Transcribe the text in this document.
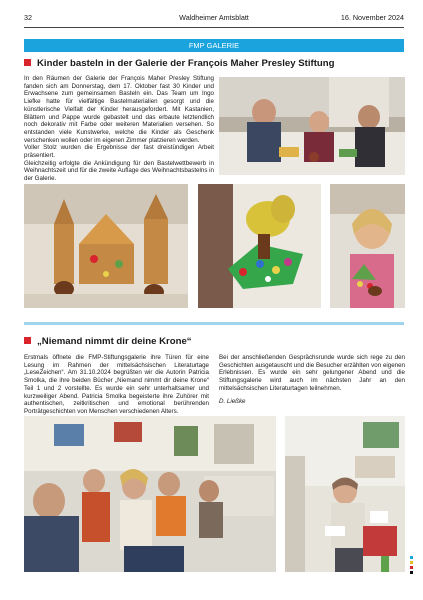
32	Waldheimer Amtsblatt	16. November 2024
FMP GALERIE
Kinder basteln in der Galerie der François Maher Presley Stiftung
In den Räumen der Galerie der François Maher Presley Stiftung fanden sich am Donnerstag, dem 17. Oktober fast 30 Kinder und Erwachsene zum gemeinsamen Basteln ein. Das Team um Ingo Liefke hatte für vielfältige Bastelmaterialien gesorgt und die künstlerische Vielfalt der Kinder herausgefordert. Mit Kastanien, Blättern und Pappe wurde gebastelt und das erbaute letztendlich noch dekorativ mit Farbe oder weiteren Materialien versehen. So entstanden viele Kunstwerke, welche die Kinder als Geschenk verschenken wollen oder im eigenen Zimmer platzieren werden.
Voller Stolz wurden die Ergebnisse der fast dreistündigen Arbeit präsentiert.
Gleichzeitig erfolgte die Ankündigung für den Bastelwettbewerb in Weihnachtszeit und für die zweite Auflage des Weihnachtsbastelns in der Galerie.
„Niemand nimmt dir deine Krone“
Erstmals öffnete die FMP-Stiftungsgalerie ihre Türen für eine Lesung im Rahmen der mittelsächsischen Literaturtage „LeseZeichen“. Am 31.10.2024 begrüßten wir die Autorin Patricia Smolka, die ihre beiden Bücher „Niemand nimmt dir deine Krone“ Teil 1 und 2 vorstellte. Es wurde ein sehr unterhaltsamer und kurzweiliger Abend. Patricia Smolka begeisterte ihre Zuhörer mit authentischen, zeitkritischen und emotional berührenden Porträtgeschichten von Menschen verschiedenen Alters.
Bei der anschließenden Gesprächsrunde wurde sich rege zu den Geschichten ausgetauscht und die Besucher erzählten von eigenen Erlebnissen. Es wurde ein sehr gelungener Abend und die Stiftungsgalerie wird auch im nächsten Jahr an den mittelsächsischen Literaturtagen teilnehmen.
D. Ließke
